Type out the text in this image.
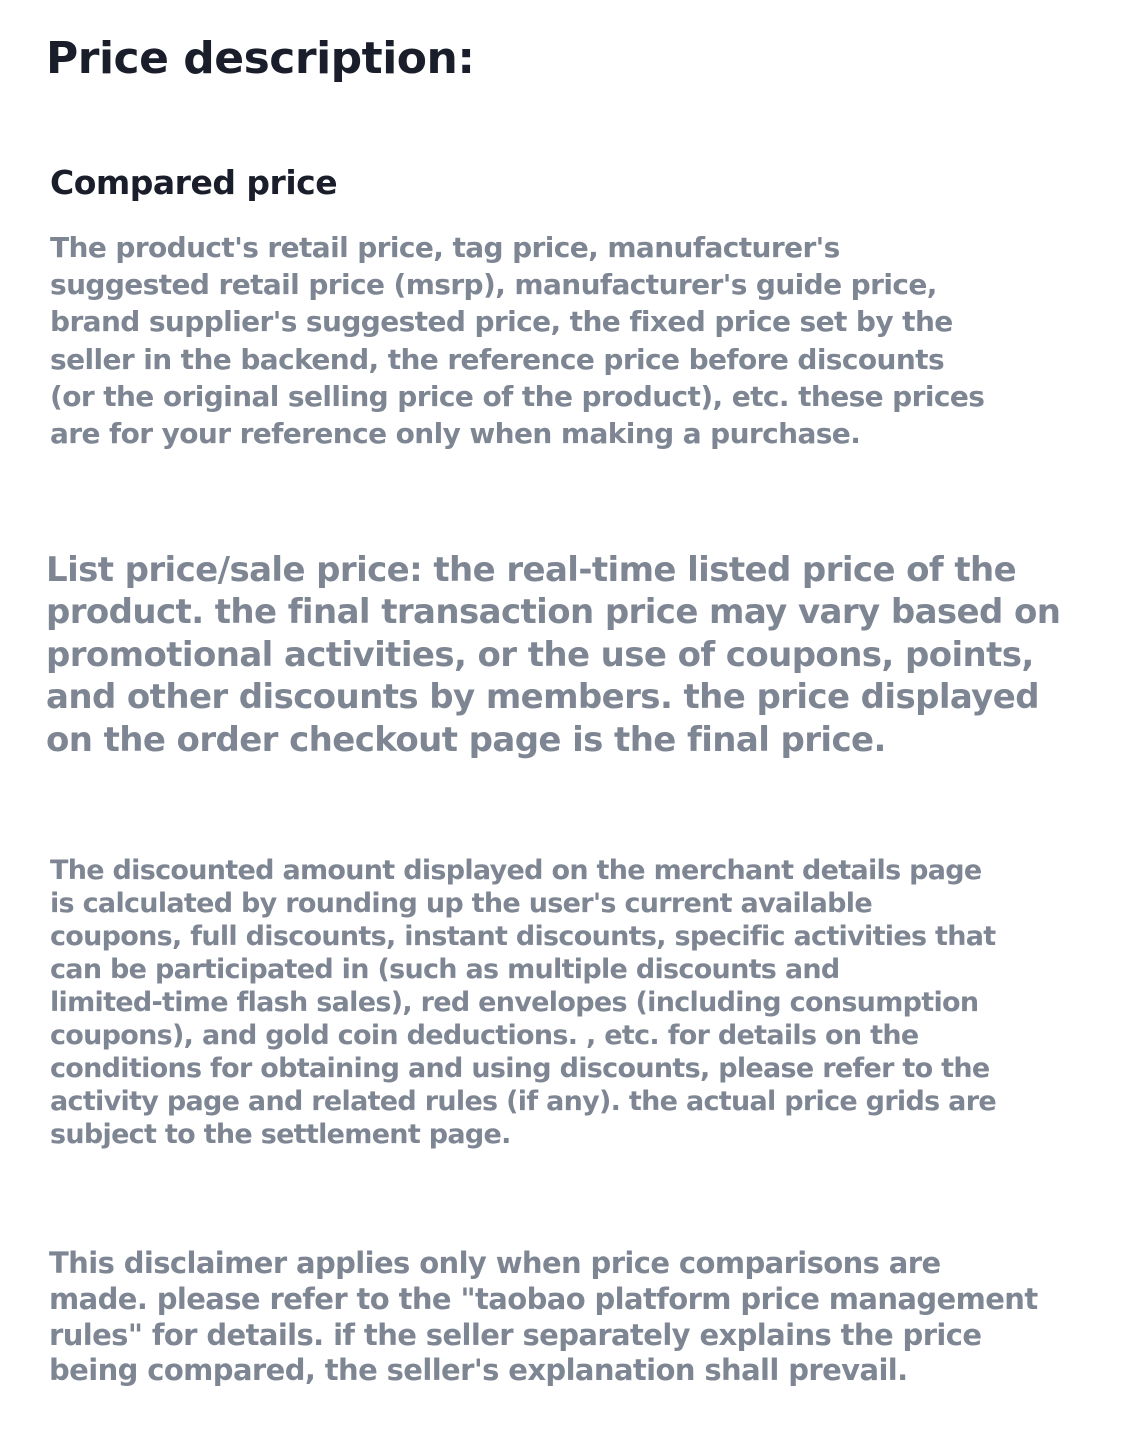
Price description:
Compared price

The product's retail price, tag price, manufacturer's
suggested retail price (msrp), manufacturer's guide price,
brand supplier's suggested price, the fixed price set by the
seller in the backend, the reference price before discounts
(or the original selling price of the product), etc. these prices
are for your reference only when making a purchase.

List price/sale price: the real-time listed price of the
product. the final transaction price may vary based on
promotional activities, or the use of coupons, points,
and other discounts by members. the price displayed
on the order checkout page is the final price.

The discounted amount displayed on the merchant details page
is calculated by rounding up the user's current available
coupons, full discounts, instant discounts, specific activities that
can be participated in (such as multiple discounts and
limited-time flash sales), red envelopes (including consumption
coupons), and gold coin deductions. , etc. for details on the
conditions for obtaining and using discounts, please refer to the
activity page and related rules (if any). the actual price grids are
subject to the settlement page.

This disclaimer applies only when price comparisons are
made. please refer to the "taobao platform price management
rules" for details. if the seller separately explains the price
being compared, the seller's explanation shall prevail.
